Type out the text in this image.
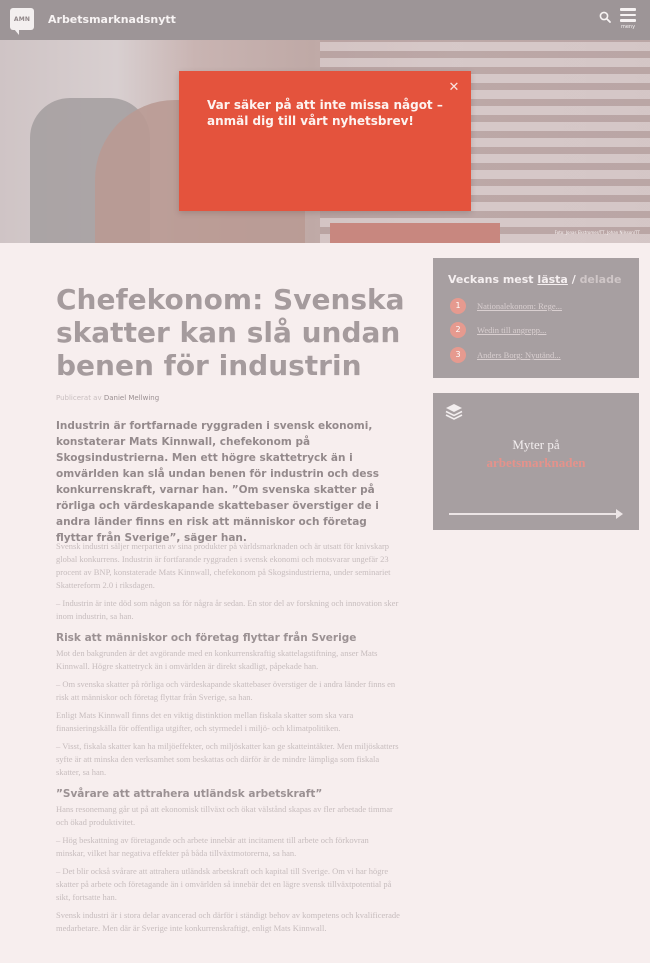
AMN	Arbetsmarknadsnytt
meny
Foto: Jonas Ekstromer/TT, Johan Nilsson/TT
Var säker på att inte missa något – anmäl dig till vårt nyhetsbrev!
✕
Chefekonom: Svenska skatter kan slå undan benen för industrin
Publicerat av Daniel Mellwing

Industrin är fortfarnade ryggraden i svensk ekonomi, konstaterar Mats Kinnwall, chefekonom på Skogsindustrierna. Men ett högre skattetryck än i omvärlden kan slå undan benen för industrin och dess konkurrenskraft, varnar han. ”Om svenska skatter på rörliga och värdeskapande skattebaser överstiger de i andra länder finns en risk att människor och företag flyttar från Sverige”, säger han.

Svensk industri säljer merparten av sina produkter på världsmarknaden och är utsatt för knivskarp global konkurrens. Industrin är fortfarande ryggraden i svensk ekonomi och motsvarar ungefär 23 procent av BNP, konstaterade Mats Kinnwall, chefekonom på Skogsindustrierna, under seminariet Skattereform 2.0 i riksdagen.

– Industrin är inte död som någon sa för några år sedan. En stor del av forskning och innovation sker inom industrin, sa han.

Risk att människor och företag flyttar från Sverige

Mot den bakgrunden är det avgörande med en konkurrenskraftig skattelagstiftning, anser Mats Kinnwall. Högre skattetryck än i omvärlden är direkt skadligt, påpekade han.

– Om svenska skatter på rörliga och värdeskapande skattebaser överstiger de i andra länder finns en risk att människor och företag flyttar från Sverige, sa han.

Enligt Mats Kinnwall finns det en viktig distinktion mellan fiskala skatter som ska vara finansieringskälla för offentliga utgifter, och styrmedel i miljö- och klimatpolitiken.

– Visst, fiskala skatter kan ha miljöeffekter, och miljöskatter kan ge skatteintäkter. Men miljöskatters syfte är att minska den verksamhet som beskattas och därför är de mindre lämpliga som fiskala skatter, sa han.

”Svårare att attrahera utländsk arbetskraft”

Hans resonemang går ut på att ekonomisk tillväxt och ökat välstånd skapas av fler arbetade timmar och ökad produktivitet.

– Hög beskattning av företagande och arbete innebär att incitament till arbete och förkovran minskar, vilket har negativa effekter på båda tillväxtmotorerna, sa han.

– Det blir också svårare att attrahera utländsk arbetskraft och kapital till Sverige. Om vi har högre skatter på arbete och företagande än i omvärlden så innebär det en lägre svensk tillväxtpotential på sikt, fortsatte han.

Svensk industri är i stora delar avancerad och därför i ständigt behov av kompetens och kvalificerade medarbetare. Men där är Sverige inte konkurrenskraftigt, enligt Mats Kinnwall.

Veckans mest lästa / delade
1	Nationalekonom: Rege...
2	Wedin till angrepp...
3	Anders Borg: Nyutänd...
Myter på
arbetsmarknaden
